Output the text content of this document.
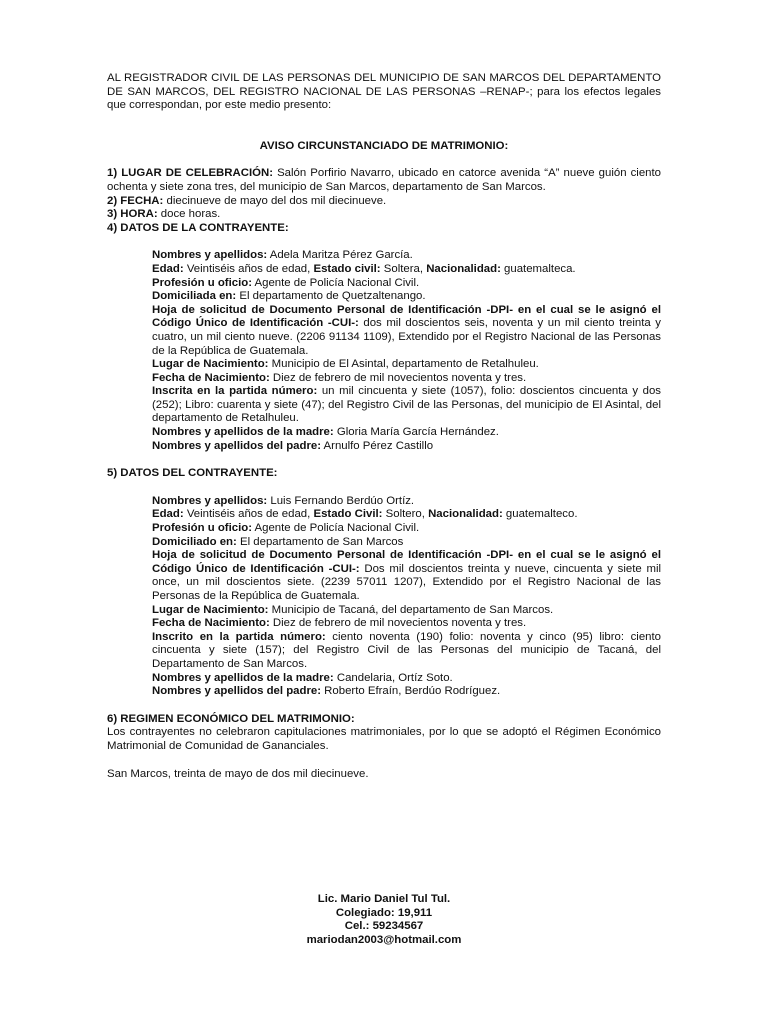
AL REGISTRADOR CIVIL DE LAS PERSONAS DEL MUNICIPIO DE SAN MARCOS DEL DEPARTAMENTO DE SAN MARCOS, DEL REGISTRO NACIONAL DE LAS PERSONAS –RENAP-; para los efectos legales que correspondan, por este medio presento:

AVISO CIRCUNSTANCIADO DE MATRIMONIO:

1) LUGAR DE CELEBRACIÓN: Salón Porfirio Navarro, ubicado en catorce avenida “A” nueve guión ciento ochenta y siete zona tres, del municipio de San Marcos, departamento de San Marcos.

2) FECHA: diecinueve de mayo del dos mil diecinueve.

3) HORA: doce horas.

4) DATOS DE LA CONTRAYENTE:

Nombres y apellidos: Adela Maritza Pérez García.

Edad: Veintiséis años de edad, Estado civil: Soltera, Nacionalidad: guatemalteca.

Profesión u oficio: Agente de Policía Nacional Civil.

Domiciliada en: El departamento de Quetzaltenango.

Hoja de solicitud de Documento Personal de Identificación -DPI- en el cual se le asignó el Código Único de Identificación -CUI-: dos mil doscientos seis, noventa y un mil ciento treinta y cuatro, un mil ciento nueve. (2206 91134 1109), Extendido por el Registro Nacional de las Personas de la República de Guatemala.

Lugar de Nacimiento: Municipio de El Asintal, departamento de Retalhuleu.

Fecha de Nacimiento: Diez de febrero de mil novecientos noventa y tres.

Inscrita en la partida número: un mil cincuenta y siete (1057), folio: doscientos cincuenta y dos (252); Libro: cuarenta y siete (47); del Registro Civil de las Personas, del municipio de El Asintal, del departamento de Retalhuleu.

Nombres y apellidos de la madre: Gloria María García Hernández.

Nombres y apellidos del padre: Arnulfo Pérez Castillo

5) DATOS DEL CONTRAYENTE:

Nombres y apellidos: Luis Fernando Berdúo Ortíz.

Edad: Veintiséis años de edad, Estado Civil: Soltero, Nacionalidad: guatemalteco.

Profesión u oficio: Agente de Policía Nacional Civil.

Domiciliado en: El departamento de San Marcos

Hoja de solicitud de Documento Personal de Identificación -DPI- en el cual se le asignó el Código Único de Identificación -CUI-: Dos mil doscientos treinta y nueve, cincuenta y siete mil once, un mil doscientos siete. (2239 57011 1207), Extendido por el Registro Nacional de las Personas de la República de Guatemala.

Lugar de Nacimiento: Municipio de Tacaná, del departamento de San Marcos.

Fecha de Nacimiento: Diez de febrero de mil novecientos noventa y tres.

Inscrito en la partida número: ciento noventa (190) folio: noventa y cinco (95) libro: ciento cincuenta y siete (157); del Registro Civil de las Personas del municipio de Tacaná, del Departamento de San Marcos.

Nombres y apellidos de la madre: Candelaria, Ortíz Soto.

Nombres y apellidos del padre: Roberto Efraín, Berdúo Rodríguez.

6) REGIMEN ECONÓMICO DEL MATRIMONIO:

Los contrayentes no celebraron capitulaciones matrimoniales, por lo que se adoptó el Régimen Económico Matrimonial de Comunidad de Gananciales.

San Marcos, treinta de mayo de dos mil diecinueve.

Lic. Mario Daniel Tul Tul.

Colegiado: 19,911

Cel.: 59234567

mariodan2003@hotmail.com
